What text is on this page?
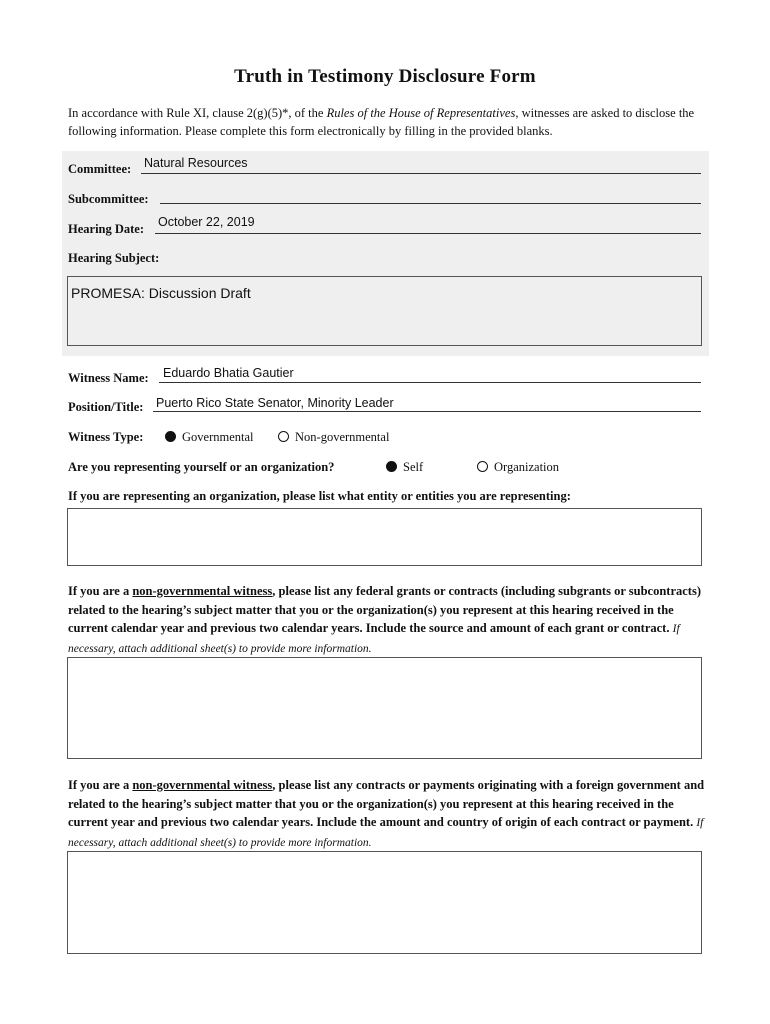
Truth in Testimony Disclosure Form
In accordance with Rule XI, clause 2(g)(5)*, of the Rules of the House of Representatives, witnesses are asked to disclose the following information. Please complete this form electronically by filling in the provided blanks.
Committee: Natural Resources
Subcommittee:
Hearing Date: October 22, 2019
Hearing Subject:
PROMESA: Discussion Draft
Witness Name: Eduardo Bhatia Gautier
Position/Title: Puerto Rico State Senator, Minority Leader
Witness Type:	Governmental	Non-governmental
Are you representing yourself or an organization?	Self	Organization
If you are representing an organization, please list what entity or entities you are representing:
If you are a non-governmental witness, please list any federal grants or contracts (including subgrants or subcontracts) related to the hearing’s subject matter that you or the organization(s) you represent at this hearing received in the current calendar year and previous two calendar years. Include the source and amount of each grant or contract. If necessary, attach additional sheet(s) to provide more information.
If you are a non-governmental witness, please list any contracts or payments originating with a foreign government and related to the hearing’s subject matter that you or the organization(s) you represent at this hearing received in the current year and previous two calendar years. Include the amount and country of origin of each contract or payment. If necessary, attach additional sheet(s) to provide more information.
